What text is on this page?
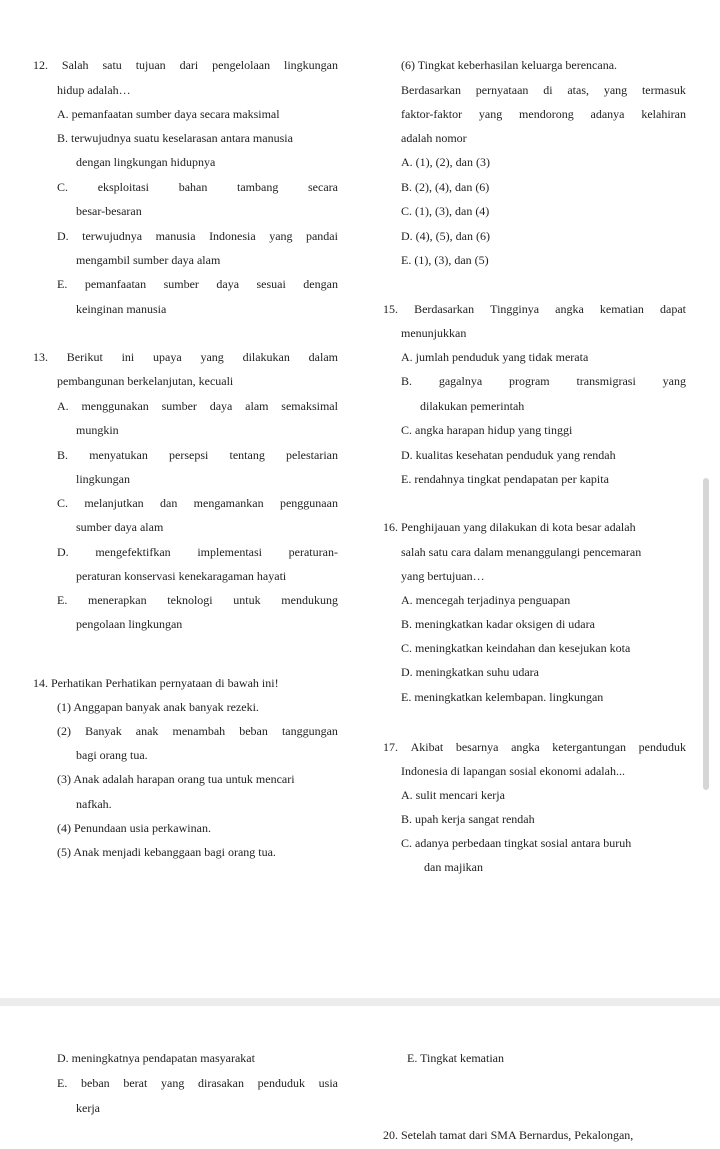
12. Salah satu tujuan dari pengelolaan lingkungan
hidup adalah…
A. pemanfaatan sumber daya secara maksimal
B. terwujudnya suatu keselarasan antara manusia
dengan lingkungan hidupnya
C. eksploitasi bahan tambang secara
besar-besaran
D. terwujudnya manusia Indonesia yang pandai
mengambil sumber daya alam
E. pemanfaatan sumber daya sesuai dengan
keinginan manusia
13. Berikut ini upaya yang dilakukan dalam
pembangunan berkelanjutan, kecuali
A. menggunakan sumber daya alam semaksimal
mungkin
B. menyatukan persepsi tentang pelestarian
lingkungan
C. melanjutkan dan mengamankan penggunaan
sumber daya alam
D. mengefektifkan implementasi peraturan-
peraturan konservasi kenekaragaman hayati
E. menerapkan teknologi untuk mendukung
pengolaan lingkungan
14. Perhatikan Perhatikan pernyataan di bawah ini!
(1) Anggapan banyak anak banyak rezeki.
(2) Banyak anak menambah beban tanggungan
bagi orang tua.
(3) Anak adalah harapan orang tua untuk mencari
nafkah.
(4) Penundaan usia perkawinan.
(5) Anak menjadi kebanggaan bagi orang tua.
(6) Tingkat keberhasilan keluarga berencana.
Berdasarkan pernyataan di atas, yang termasuk
faktor-faktor yang mendorong adanya kelahiran
adalah nomor
A. (1), (2), dan (3)
B. (2), (4), dan (6)
C. (1), (3), dan (4)
D. (4), (5), dan (6)
E. (1), (3), dan (5)
15. Berdasarkan Tingginya angka kematian dapat
menunjukkan
A. jumlah penduduk yang tidak merata
B. gagalnya program transmigrasi yang
dilakukan pemerintah
C. angka harapan hidup yang tinggi
D. kualitas kesehatan penduduk yang rendah
E. rendahnya tingkat pendapatan per kapita
16. Penghijauan yang dilakukan di kota besar adalah
salah satu cara dalam menanggulangi pencemaran
yang bertujuan…
A. mencegah terjadinya penguapan
B. meningkatkan kadar oksigen di udara
C. meningkatkan keindahan dan kesejukan kota
D. meningkatkan suhu udara
E. meningkatkan kelembapan. lingkungan
17. Akibat besarnya angka ketergantungan penduduk
Indonesia di lapangan sosial ekonomi adalah...
A. sulit mencari kerja
B. upah kerja sangat rendah
C. adanya perbedaan tingkat sosial antara buruh
dan majikan
D. meningkatnya pendapatan masyarakat
E. beban berat yang dirasakan penduduk usia
kerja
E. Tingkat kematian
20. Setelah tamat dari SMA Bernardus, Pekalongan,
